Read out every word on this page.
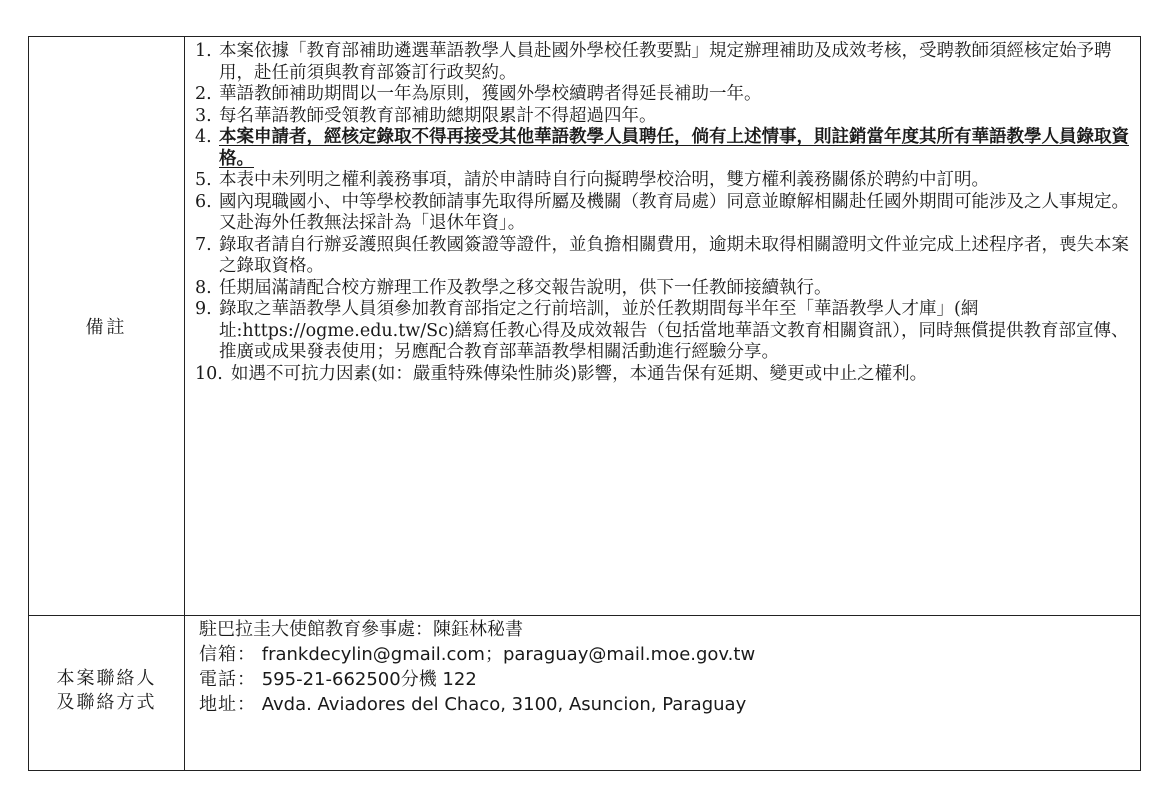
備註
本案聯絡人
及聯絡方式
1. 本案依據「教育部補助遴選華語教學人員赴國外學校任教要點」規定辦理補助及成效考核，受聘教師須經核定始予聘用，赴任前須與教育部簽訂行政契約。
2. 華語教師補助期間以一年為原則，獲國外學校續聘者得延長補助一年。
3. 每名華語教師受領教育部補助總期限累計不得超過四年。
4. 本案申請者，經核定錄取不得再接受其他華語教學人員聘任，倘有上述情事，則註銷當年度其所有華語教學人員錄取資格。
5. 本表中未列明之權利義務事項，請於申請時自行向擬聘學校洽明，雙方權利義務關係於聘約中訂明。
6. 國內現職國小、中等學校教師請事先取得所屬及機關（教育局處）同意並瞭解相關赴任國外期間可能涉及之人事規定。又赴海外任教無法採計為「退休年資」。
7. 錄取者請自行辦妥護照與任教國簽證等證件，並負擔相關費用，逾期未取得相關證明文件並完成上述程序者，喪失本案之錄取資格。
8. 任期屆滿請配合校方辦理工作及教學之移交報告說明，供下一任教師接續執行。
9. 錄取之華語教學人員須參加教育部指定之行前培訓，並於任教期間每半年至「華語教學人才庫」(網址:https://ogme.edu.tw/Sc)繕寫任教心得及成效報告（包括當地華語文教育相關資訊），同時無償提供教育部宣傳、推廣或成果發表使用；另應配合教育部華語教學相關活動進行經驗分享。
10. 如遇不可抗力因素(如：嚴重特殊傳染性肺炎)影響，本通告保有延期、變更或中止之權利。
駐巴拉圭大使館教育參事處：陳鈺林秘書
信箱： frankdecylin@gmail.com；paraguay@mail.moe.gov.tw
電話： 595-21-662500分機 122
地址： Avda. Aviadores del Chaco, 3100, Asuncion, Paraguay
